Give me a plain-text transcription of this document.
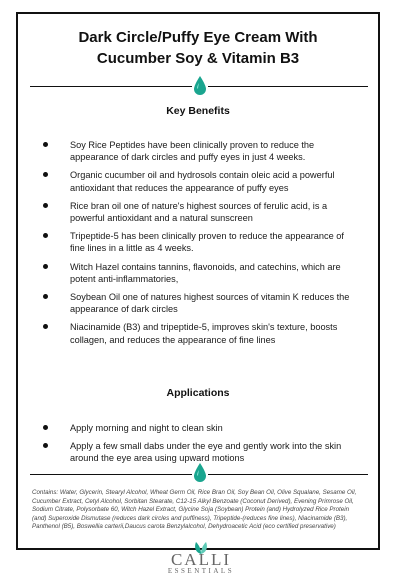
Dark Circle/Puffy Eye Cream With
Cucumber Soy & Vitamin B3
Key Benefits
Soy Rice Peptides have been clinically proven to reduce the appearance of dark circles and puffy eyes in just 4 weeks.
Organic cucumber oil and hydrosols contain oleic acid a powerful antioxidant that reduces the appearance of puffy eyes
Rice bran oil one of nature's highest sources of ferulic acid, is a powerful antioxidant and a natural sunscreen
Tripeptide-5 has been clinically proven to reduce the appearance of fine lines in a little as 4 weeks.
Witch Hazel contains tannins, flavonoids, and catechins, which are potent anti-inflammatories,
Soybean Oil one of natures highest sources of vitamin K reduces the appearance of dark circles
Niacinamide (B3) and tripeptide-5, improves skin's texture, boosts collagen, and reduces the appearance of fine lines
Applications
Apply morning and night to clean skin
Apply a few small dabs under the eye and gently work into the skin around the eye area using upward motions
Contains: Water, Glycerin, Stearyl Alcohol, Wheat Germ Oil, Rice Bran Oil, Soy Bean Oil, Olive Squalane, Sesame Oil, Cucumber Extract, Cetyl Alcohol, Sorbitan Stearate, C12-15 Alkyl Benzoate (Coconut Derived), Evening Primrose Oil, Sodium Citrate, Polysorbate 60, Witch Hazel Extract, Glycine Soja (Soybean) Protein (and) Hydrolyzed Rice Protein (and) Superoxide Dismutase (reduces dark circles and puffiness), Tripeptide-(reduces fine lines), Niacinamide (B3), Panthenol (B5), Boswellia carterii,Daucus carota Benzylalcohol, Dehydroacetic Acid (eco certified preservative)
CALLI
ESSENTIALS
